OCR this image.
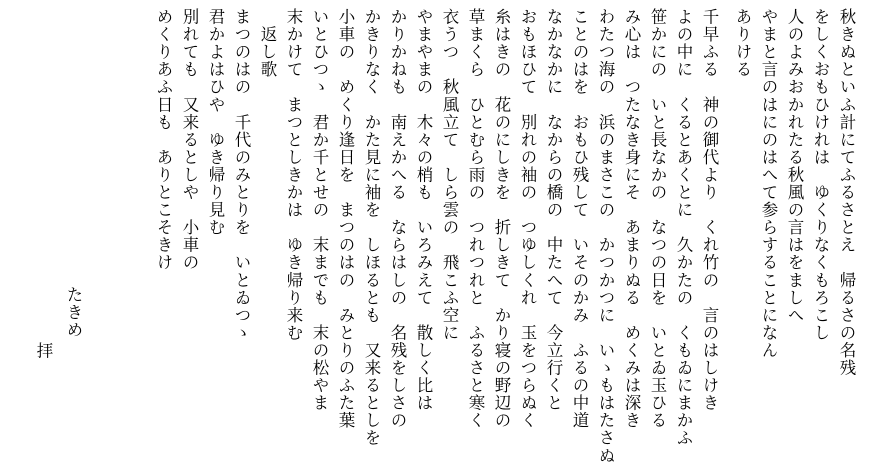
秋きぬといふ計にてふるさとえ　帰るさの名残
をしくおもひけれは　ゆくりなくもろこし
人のよみおかれたる秋風の言はをましへ
やまと言のはにのはへて参らすることになん
ありける
千早ふる　神の御代より　くれ竹の　言のはしけき
よの中に　くるとあくとに　久かたの　くもゐにまかふ
笹かにの　いと長なかの　なつの日を　いとゐ玉ひる
み心は　つたなき身にそ　あまりぬる　めくみは深き
わたつ海の　浜のまさこの　かつかつに　いゝもはたさぬ
ことのはを　おもひ残して　いそのかみ　ふるの中道
なかなかに　なからの橋の　中たへて　今立行くと
おもほひて　別れの袖の　つゆしくれ　玉をつらぬく
糸はきの　花のにしきを　折しきて　かり寝の野辺の
草まくら　ひとむら雨の　つれつれと　ふるさと寒く
衣うつ　秋風立て　しら雲の　飛こふ空に
やまやまの　木々の梢も　いろみえて　散しく比は
かりかねも　南えかへる　ならはしの　名残をしさの
かきりなく　かた見に袖を　しほるとも　又来るとしを
小車の　めくり逢日を　まつのはの　みとりのふた葉
いとひつゝ　君か千とせの　末までも　末の松やま
末かけて　まつとしきかは　ゆき帰り来む
　返し歌
まつのはの　千代のみとりを　いとゐつゝ
君かよはひや　ゆき帰り見む
別れても　又来るとしや　小車の
めくりあふ日も　ありとこそきけ
たきめ
拝
